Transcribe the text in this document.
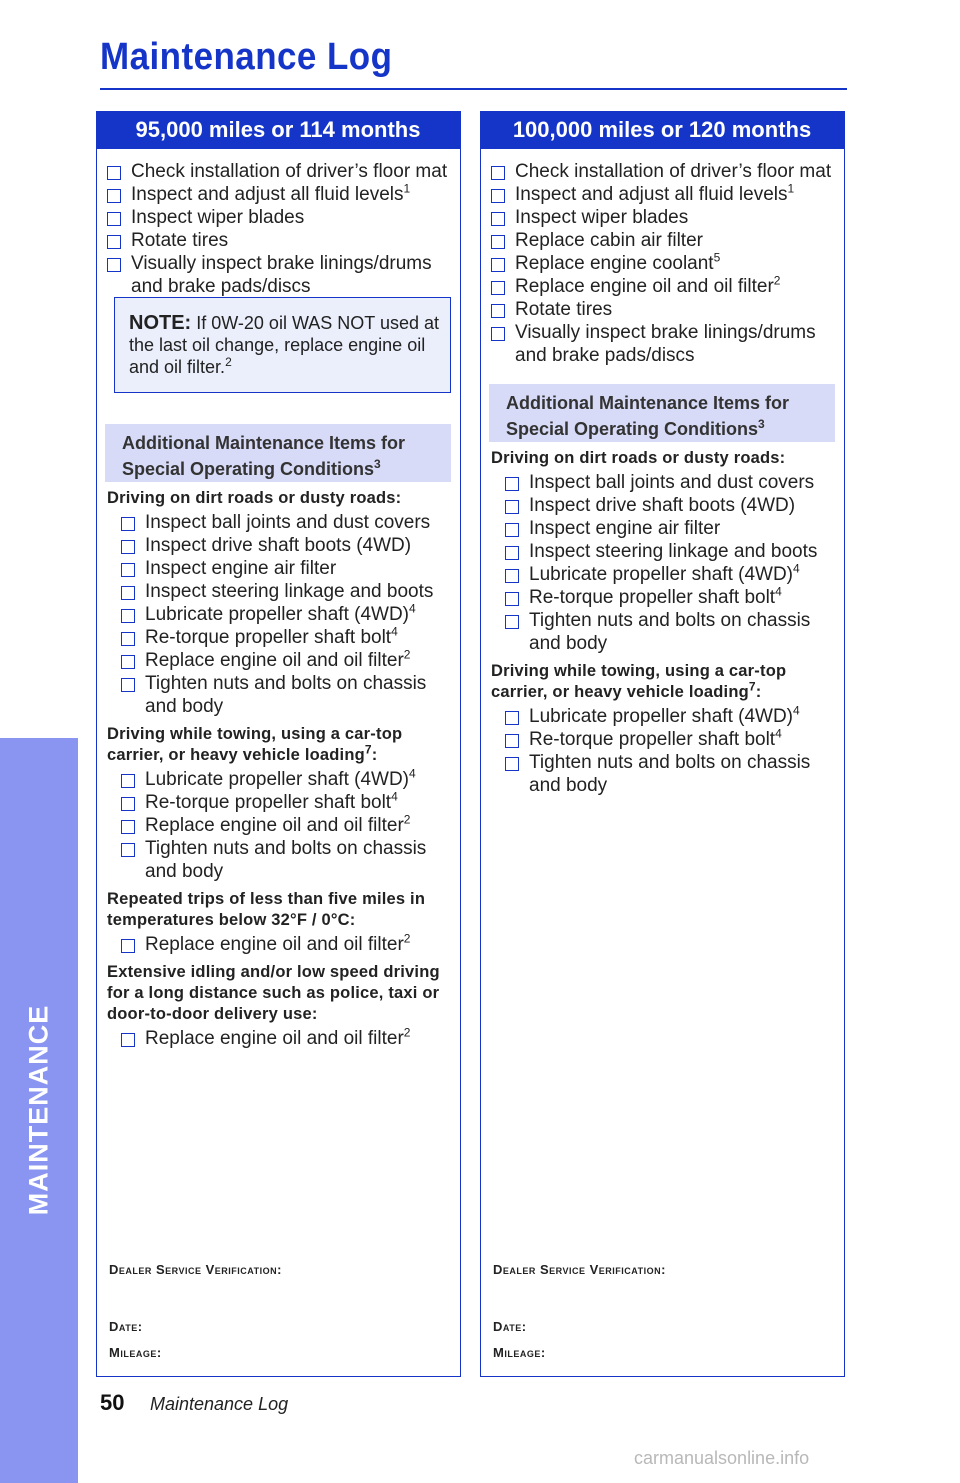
Maintenance Log
MAINTENANCE
95,000 miles or 114 months
Check installation of driver’s floor mat
Inspect and adjust all fluid levels$^1$
Inspect wiper blades
Rotate tires
Visually inspect brake linings/drums and brake pads/discs
NOTE: If 0W-20 oil WAS NOT used at the last oil change, replace engine oil and oil filter.$^2$
Additional Maintenance Items for
Special Operating Conditions$^3$
Driving on dirt roads or dusty roads:
Inspect ball joints and dust covers
Inspect drive shaft boots (4WD)
Inspect engine air filter
Inspect steering linkage and boots
Lubricate propeller shaft $(4WD)^4$
Re-torque propeller shaft bolt$^4$
Replace engine oil and oil filter$^2$
Tighten nuts and bolts on chassis and body
Driving while towing, using a car-top carrier, or heavy vehicle loading$^7$:
Lubricate propeller shaft $(4WD)^4$
Re-torque propeller shaft bolt$^4$
Replace engine oil and oil filter$^2$
Tighten nuts and bolts on chassis and body
Repeated trips of less than five miles in temperatures below 32°F / 0°C:
Replace engine oil and oil filter$^2$
Extensive idling and/or low speed driving for a long distance such as police, taxi or door-to-door delivery use:
Replace engine oil and oil filter$^2$
Dealer Service Verification:
Date:
Mileage:
100,000 miles or 120 months
Check installation of driver’s floor mat
Inspect and adjust all fluid levels$^1$
Inspect wiper blades
Replace cabin air filter
Replace engine coolant$^5$
Replace engine oil and oil filter$^2$
Rotate tires
Visually inspect brake linings/drums and brake pads/discs
Additional Maintenance Items for
Special Operating Conditions$^3$
Driving on dirt roads or dusty roads:
Inspect ball joints and dust covers
Inspect drive shaft boots (4WD)
Inspect engine air filter
Inspect steering linkage and boots
Lubricate propeller shaft $(4WD)^4$
Re-torque propeller shaft bolt$^4$
Tighten nuts and bolts on chassis and body
Driving while towing, using a car-top carrier, or heavy vehicle loading$^7$:
Lubricate propeller shaft $(4WD)^4$
Re-torque propeller shaft bolt$^4$
Tighten nuts and bolts on chassis and body
Dealer Service Verification:
Date:
Mileage:
50 Maintenance Log
carmanualsonline.info
